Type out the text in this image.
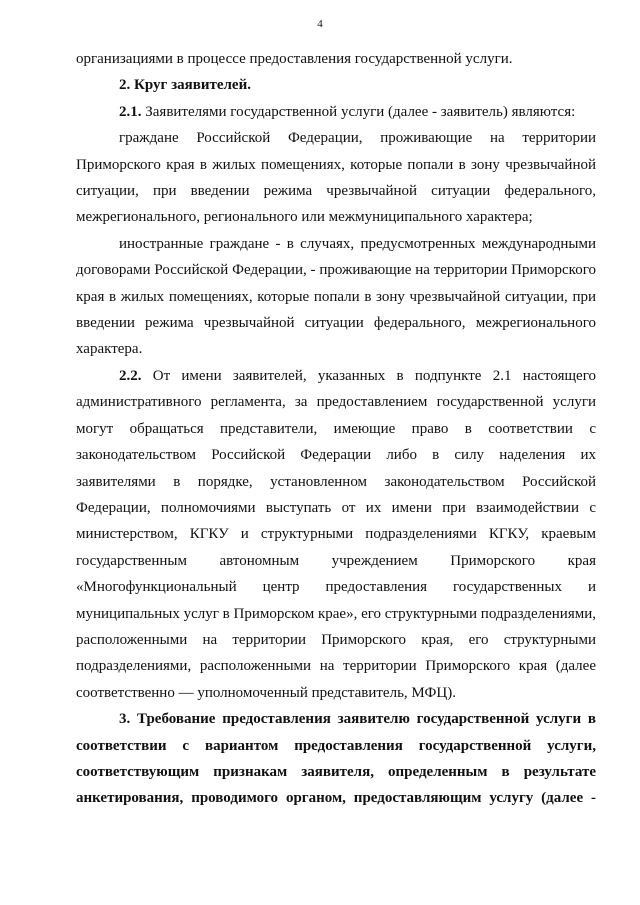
4

организациями в процессе предоставления государственной услуги.

2. Круг заявителей.

2.1. Заявителями государственной услуги (далее - заявитель) являются:

граждане Российской Федерации, проживающие на территории Приморского края в жилых помещениях, которые попали в зону чрезвычайной ситуации, при введении режима чрезвычайной ситуации федерального, межрегионального, регионального или межмуниципального характера;

иностранные граждане - в случаях, предусмотренных международными договорами Российской Федерации, - проживающие на территории Приморского края в жилых помещениях, которые попали в зону чрезвычайной ситуации, при введении режима чрезвычайной ситуации федерального, межрегионального характера.

2.2. От имени заявителей, указанных в подпункте 2.1 настоящего административного регламента, за предоставлением государственной услуги могут обращаться представители, имеющие право в соответствии с законодательством Российской Федерации либо в силу наделения их заявителями в порядке, установленном законодательством Российской Федерации, полномочиями выступать от их имени при взаимодействии с министерством, КГКУ и структурными подразделениями КГКУ, краевым государственным автономным учреждением Приморского края «Многофункциональный центр предоставления государственных и муниципальных услуг в Приморском крае», его структурными подразделениями, расположенными на территории Приморского края, его структурными подразделениями, расположенными на территории Приморского края (далее соответственно — уполномоченный представитель, МФЦ).

3. Требование предоставления заявителю государственной услуги в соответствии с вариантом предоставления государственной услуги, соответствующим признакам заявителя, определенным в результате анкетирования, проводимого органом, предоставляющим услугу (далее -
